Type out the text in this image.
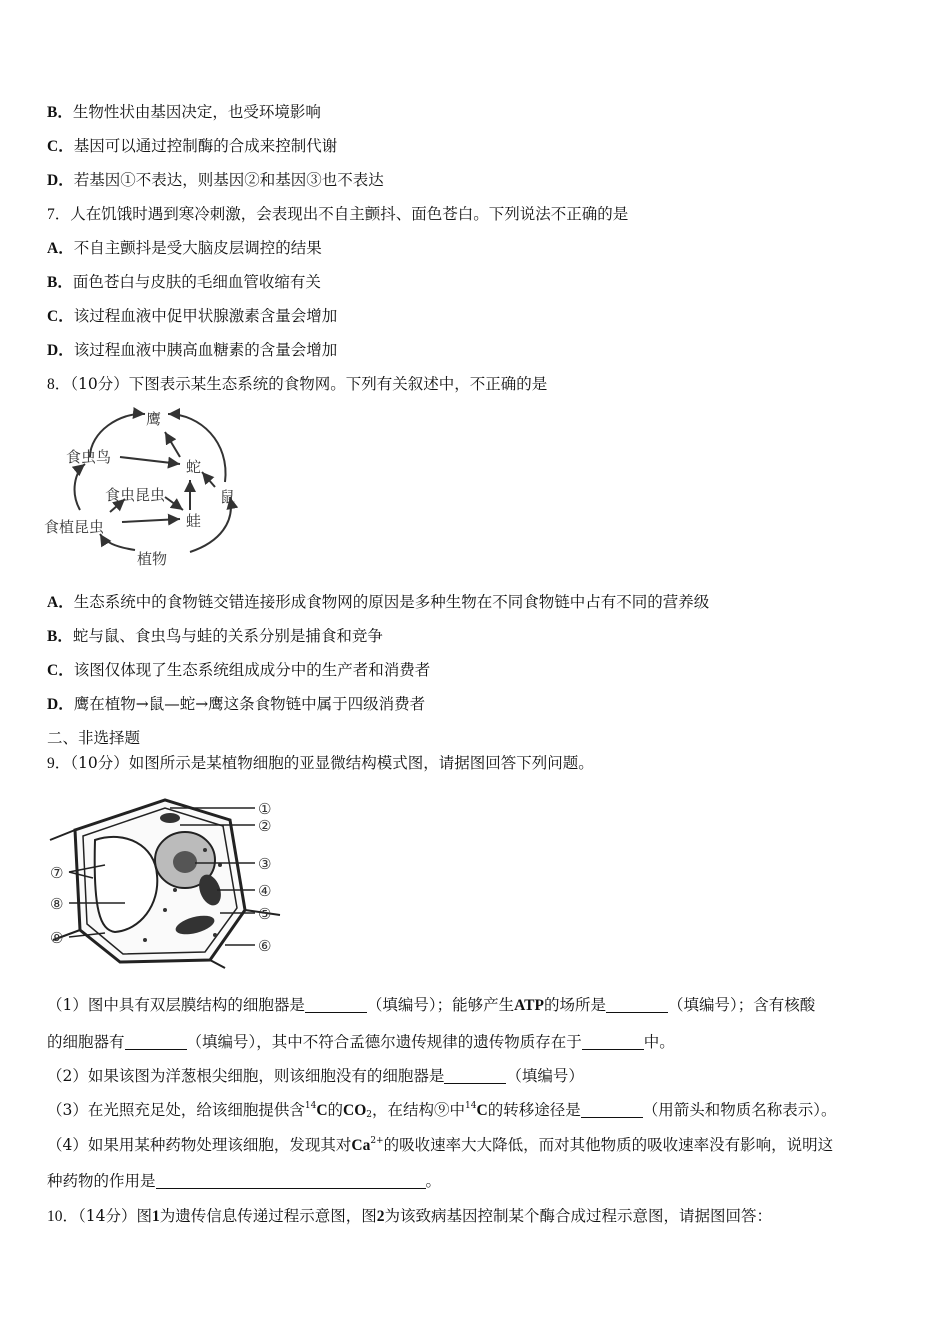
B．生物性状由基因决定，也受环境影响
C．基因可以通过控制酶的合成来控制代谢
D．若基因①不表达，则基因②和基因③也不表达
7．人在饥饿时遇到寒冷刺激，会表现出不自主颤抖、面色苍白。下列说法不正确的是
A．不自主颤抖是受大脑皮层调控的结果
B．面色苍白与皮肤的毛细血管收缩有关
C．该过程血液中促甲状腺激素含量会增加
D．该过程血液中胰高血糖素的含量会增加
8．（10分）下图表示某生态系统的食物网。下列有关叙述中，不正确的是
鹰
食虫鸟
蛇
鼠
食虫昆虫
食植昆虫	蛙
植物
A．生态系统中的食物链交错连接形成食物网的原因是多种生物在不同食物链中占有不同的营养级
B．蛇与鼠、食虫鸟与蛙的关系分别是捕食和竞争
C．该图仅体现了生态系统组成成分中的生产者和消费者
D．鹰在植物→鼠—蛇→鹰这条食物链中属于四级消费者
二、非选择题
9．（10分）如图所示是某植物细胞的亚显微结构模式图，请据图回答下列问题。
①
②
③
④
⑤
⑥
⑦
⑧
⑨
（1）图中具有双层膜结构的细胞器是	（填编号）；能够产生ATP的场所是	（填编号）；含有核酸
的细胞器有	（填编号），其中不符合孟德尔遗传规律的遗传物质存在于	中。
（2）如果该图为洋葱根尖细胞，则该细胞没有的细胞器是	（填编号）
（3）在光照充足处，给该细胞提供含$^{14}$C的$CO_2$，在结构⑨中$^{14}$C的转移途径是	（用箭头和物质名称表示）。
（4）如果用某种药物处理该细胞，发现其对$Ca^{2+}$的吸收速率大大降低，而对其他物质的吸收速率没有影响，说明这
种药物的作用是	。
10．（14分）图1为遗传信息传递过程示意图，图2为该致病基因控制某个酶合成过程示意图，请据图回答：
